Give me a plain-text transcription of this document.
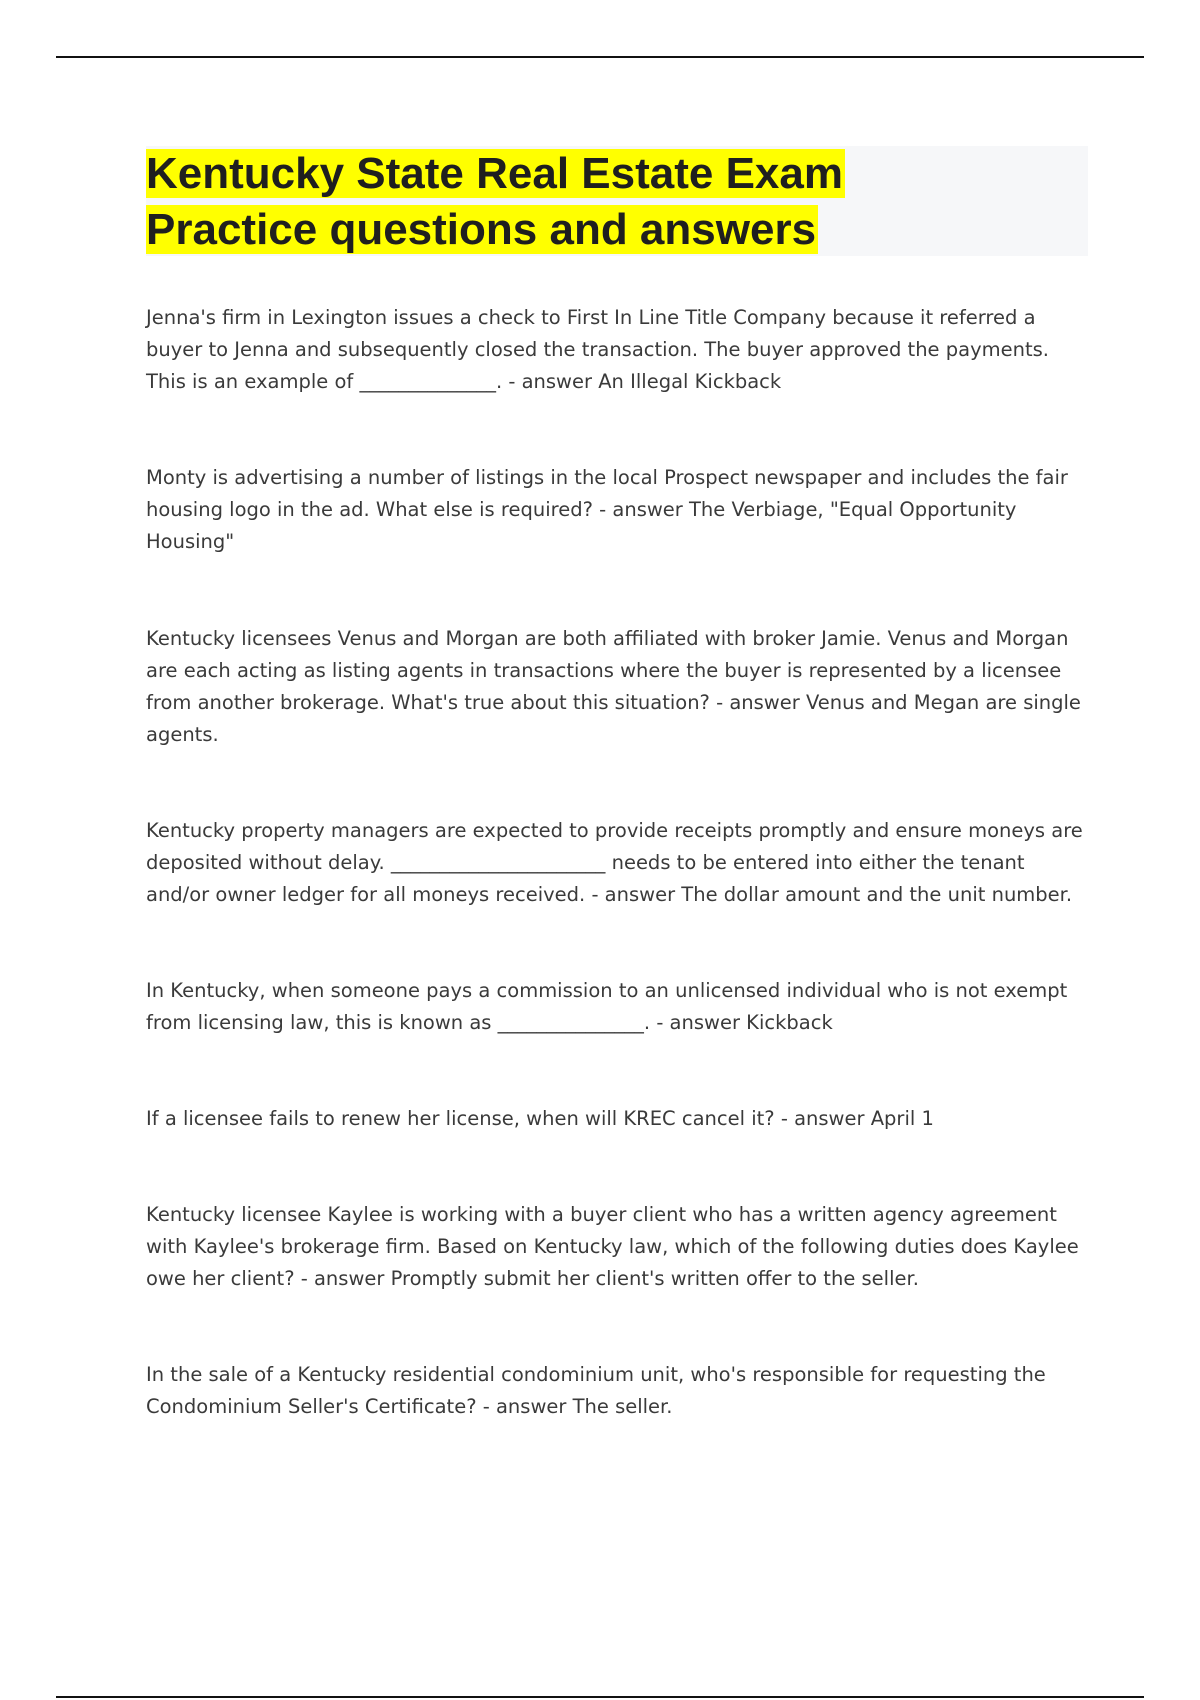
Kentucky State Real Estate Exam
Practice questions and answers

Jenna's firm in Lexington issues a check to First In Line Title Company because it referred a buyer to Jenna and subsequently closed the transaction. The buyer approved the payments. This is an example of ______________. - answer An Illegal Kickback

Monty is advertising a number of listings in the local Prospect newspaper and includes the fair housing logo in the ad. What else is required? - answer The Verbiage, "Equal Opportunity Housing"

Kentucky licensees Venus and Morgan are both affiliated with broker Jamie. Venus and Morgan are each acting as listing agents in transactions where the buyer is represented by a licensee from another brokerage. What's true about this situation? - answer Venus and Megan are single agents.

Kentucky property managers are expected to provide receipts promptly and ensure moneys are deposited without delay. ______________________ needs to be entered into either the tenant and/or owner ledger for all moneys received. - answer The dollar amount and the unit number.

In Kentucky, when someone pays a commission to an unlicensed individual who is not exempt from licensing law, this is known as _______________. - answer Kickback

If a licensee fails to renew her license, when will KREC cancel it? - answer April 1

Kentucky licensee Kaylee is working with a buyer client who has a written agency agreement with Kaylee's brokerage firm. Based on Kentucky law, which of the following duties does Kaylee owe her client? - answer Promptly submit her client's written offer to the seller.

In the sale of a Kentucky residential condominium unit, who's responsible for requesting the Condominium Seller's Certificate? - answer The seller.
